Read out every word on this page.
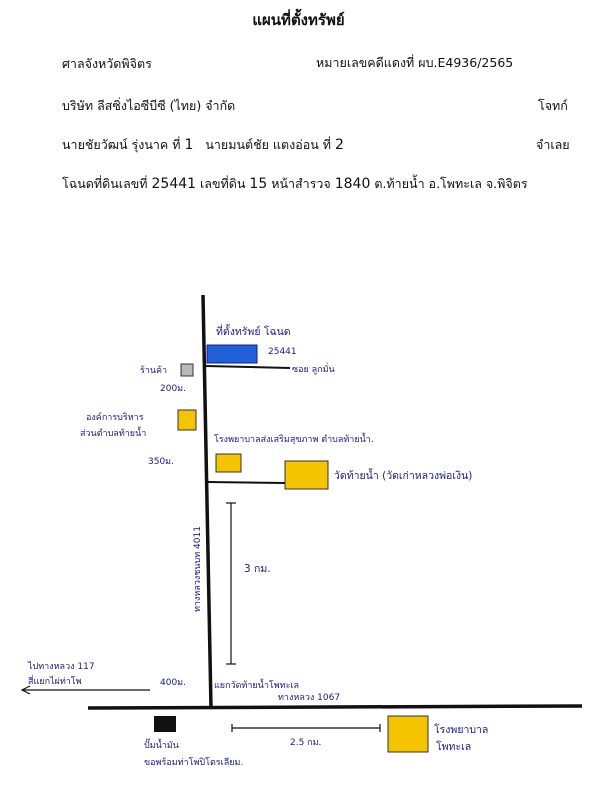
แผนที่ตั้งทรัพย์
ศาลจังหวัดพิจิตร	หมายเลขคดีแดงที่ ผบ.E4936/2565
บริษัท ลีสซิ่งไอซีบีซี (ไทย) จำกัด	โจทก์
นายชัยวัฒน์ รุ่งนาค ที่ 1 นายมนต์ชัย แตงอ่อน ที่ 2	จำเลย
โฉนดที่ดินเลขที่ 25441 เลขที่ดิน 15 หน้าสำรวจ 1840 ต.ท้ายน้ำ อ.โพทะเล จ.พิจิตร
ที่ตั้งทรัพย์ โฉนด
25441
ซอย ลูกมั่น
ร้านค้า
200ม.
องค์การบริหาร
ส่วนตำบลท้ายน้ำ
โรงพยาบาลส่งเสริมสุขภาพ ตำบลท้ายน้ำ.
350ม.
วัดท้ายน้ำ (วัดเก่าหลวงพ่อเงิน)
ทางหลวงชนบท 4011	3 กม.
ไปทางหลวง 117
สี่แยกไผ่ท่าโพ	400ม.	แยกวัดท้ายน้ำโพทะเล
ทางหลวง 1067
ปั๊มน้ำมัน
ขอพร้อมท่าโพปิโตรเลียม.
2.5 กม.
โรงพยาบาล
โพทะเล
